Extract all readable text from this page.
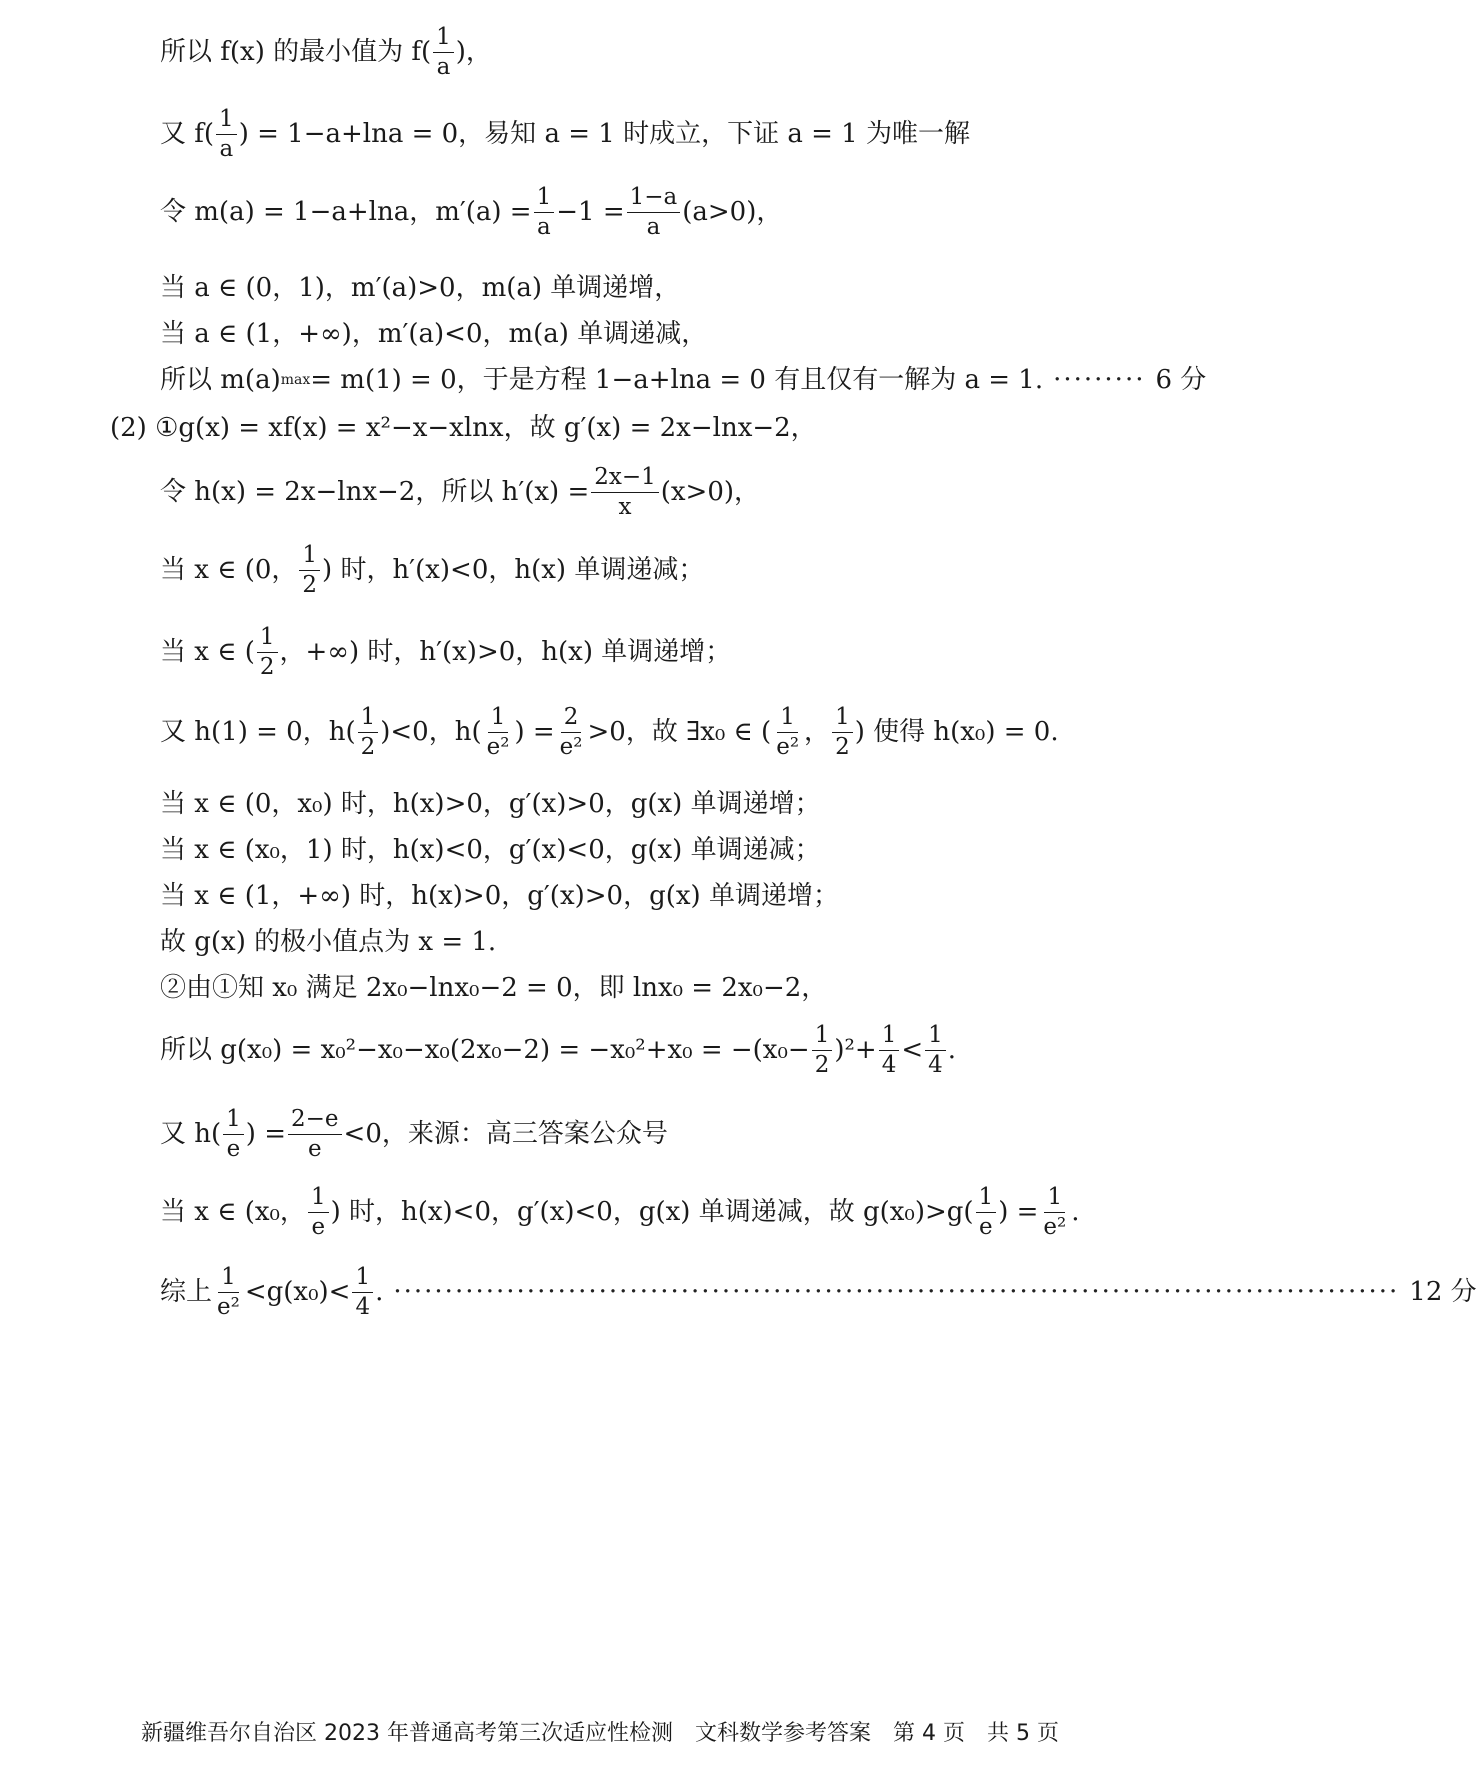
所以 f(x) 的最小值为 $f( \frac{1}{a}$ )，
又 $f( \frac{1}{a}$ ) = 1−a+lna = 0，易知 a = 1 时成立，下证 a = 1 为唯一解
令 m(a) = 1−a+lna，$m'(a) = \frac{1}{a} -1 = \frac{1-a}{a} (a>0)$，
当 a ∈ (0，1)，m′(a)>0，m(a) 单调递增，
当 a ∈ (1，+∞)，m′(a)<0，m(a) 单调递减，
所以 m(a) max = m(1) = 0，于是方程 1−a+lna = 0 有且仅有一解为 a = 1. ········· 6 分
(2) ①g(x) = xf(x) = x²−x−xlnx，故 g′(x) = 2x−lnx−2，
令 h(x) = 2x−lnx−2，所以 $h'(x) = \frac{2x-1}{x} (x>0)$，
当 x ∈ (0， $\frac{1}{2}$ ) 时，h′(x)<0，h(x) 单调递减；
当 x ∈ ( $\frac{1}{2}$ ，+∞) 时，h′(x)>0，h(x) 单调递增；
又 h(1) = 0，$h( \frac{1}{2} )<0$，$h( \frac{1}{\text{e²}}$ ) = $\frac{2}{\text{e²}} >0$，故 ∃x₀ ∈ ( $\frac{1}{\text{e²}}$ ， $\frac{1}{2}$ ) 使得 h(x₀) = 0.
当 x ∈ (0，x₀) 时，h(x)>0，g′(x)>0，g(x) 单调递增；
当 x ∈ (x₀，1) 时，h(x)<0，g′(x)<0，g(x) 单调递减；
当 x ∈ (1，+∞) 时，h(x)>0，g′(x)>0，g(x) 单调递增；
故 g(x) 的极小值点为 x = 1.
②由①知 x₀ 满足 2x₀−lnx₀−2 = 0，即 lnx₀ = 2x₀−2，
所以 $g(x_0) = x_0^2-x_0-x_0(2x_0-2) = -x_0^2+x_0 = -(x_0- \frac{1}{2} )^2+ \frac{1}{4} < \frac{1}{4}$ .
又 $h( \frac{1}{e}$ ) = $\frac{2-e}{e} <0$，来源：高三答案公众号
当 x ∈ (x₀， $\frac{1}{e}$ ) 时，h(x)<0，g′(x)<0，g(x) 单调递减，故 $g(x_0)>g( \frac{1}{e}$ ) = $\frac{1}{\text{e²}}$ .
综上 $\frac{1}{\text{e²}} <g(x_0)< \frac{1}{4}$ . ·································································································· 12 分
新疆维吾尔自治区 2023 年普通高考第三次适应性检测　文科数学参考答案　第 4 页　共 5 页
